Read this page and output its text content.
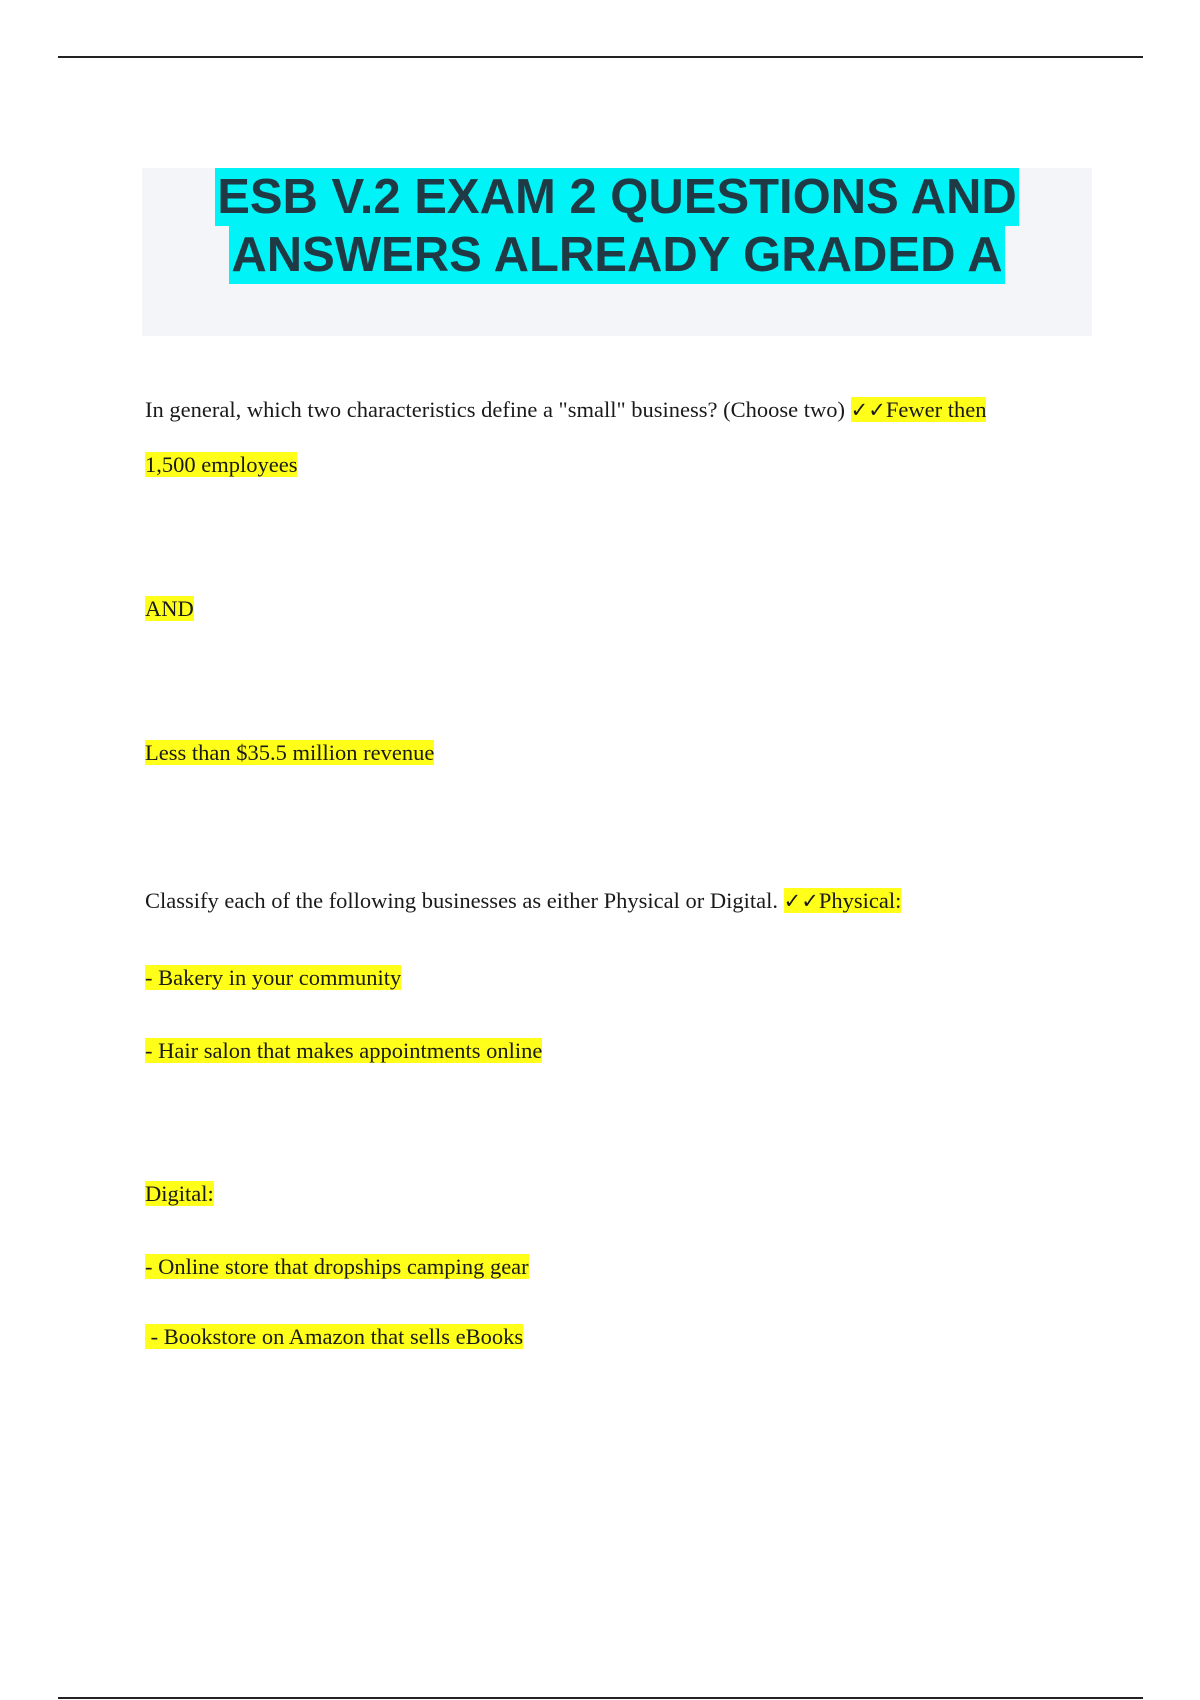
ESB V.2 EXAM 2 QUESTIONS AND
ANSWERS ALREADY GRADED A

In general, which two characteristics define a "small" business? (Choose two) ✓✓Fewer then

1,500 employees

AND

Less than $35.5 million revenue

Classify each of the following businesses as either Physical or Digital. ✓✓Physical:

- Bakery in your community

- Hair salon that makes appointments online

Digital:

- Online store that dropships camping gear

- Bookstore on Amazon that sells eBooks
